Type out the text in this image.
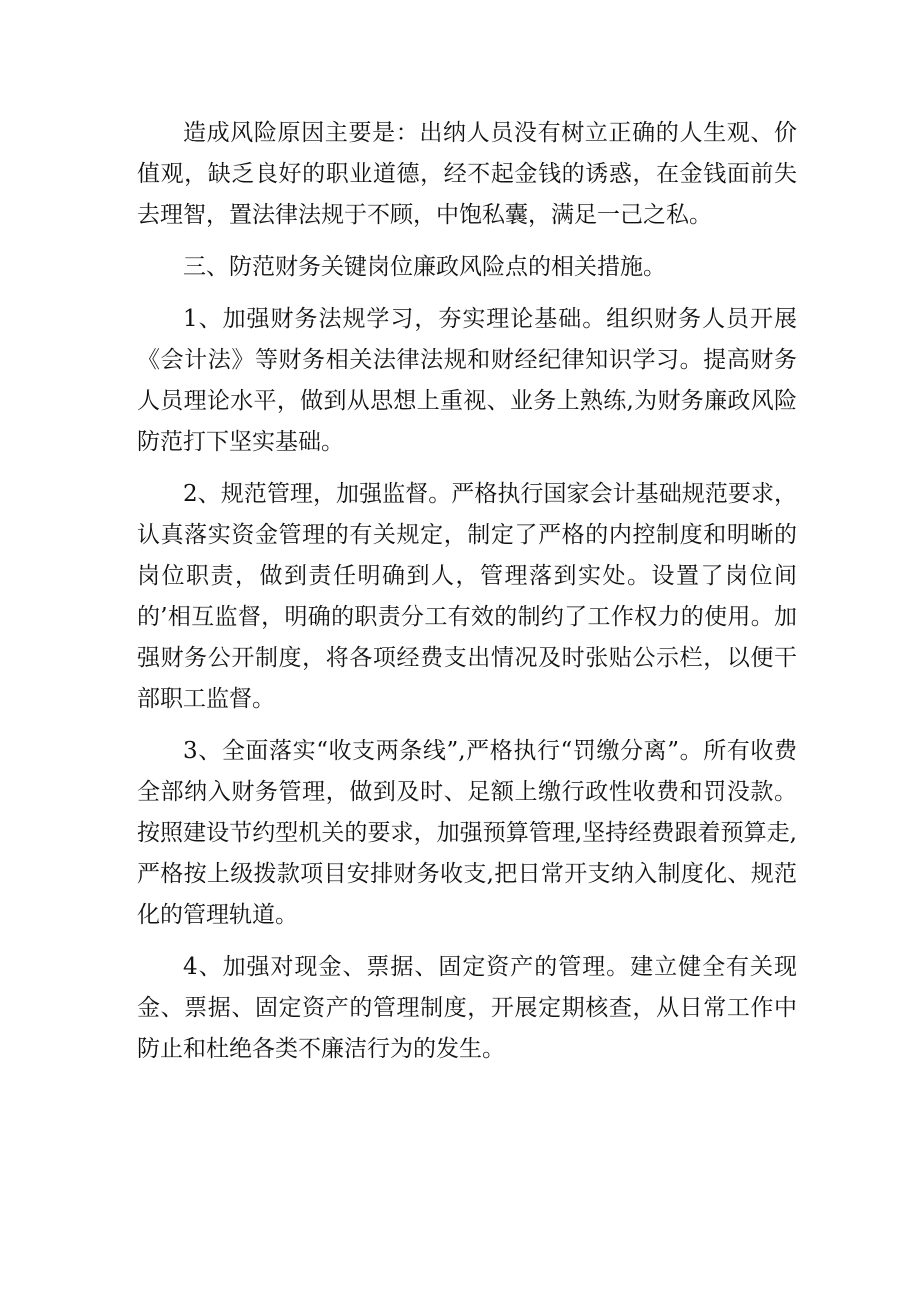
造成风险原因主要是：出纳人员没有树立正确的人生观、价值观，缺乏良好的职业道德，经不起金钱的诱惑，在金钱面前失去理智，置法律法规于不顾，中饱私囊，满足一己之私。

三、防范财务关键岗位廉政风险点的相关措施。

1、加强财务法规学习，夯实理论基础。组织财务人员开展《会计法》等财务相关法律法规和财经纪律知识学习。提高财务人员理论水平，做到从思想上重视、业务上熟练,为财务廉政风险防范打下坚实基础。

2、规范管理，加强监督。严格执行国家会计基础规范要求，认真落实资金管理的有关规定，制定了严格的内控制度和明晰的岗位职责，做到责任明确到人，管理落到实处。设置了岗位间的’相互监督，明确的职责分工有效的制约了工作权力的使用。加强财务公开制度，将各项经费支出情况及时张贴公示栏，以便干部职工监督。

3、全面落实“收支两条线”,严格执行“罚缴分离”。所有收费全部纳入财务管理，做到及时、足额上缴行政性收费和罚没款。按照建设节约型机关的要求，加强预算管理,坚持经费跟着预算走,严格按上级拨款项目安排财务收支,把日常开支纳入制度化、规范化的管理轨道。

4、加强对现金、票据、固定资产的管理。建立健全有关现金、票据、固定资产的管理制度，开展定期核查，从日常工作中防止和杜绝各类不廉洁行为的发生。
